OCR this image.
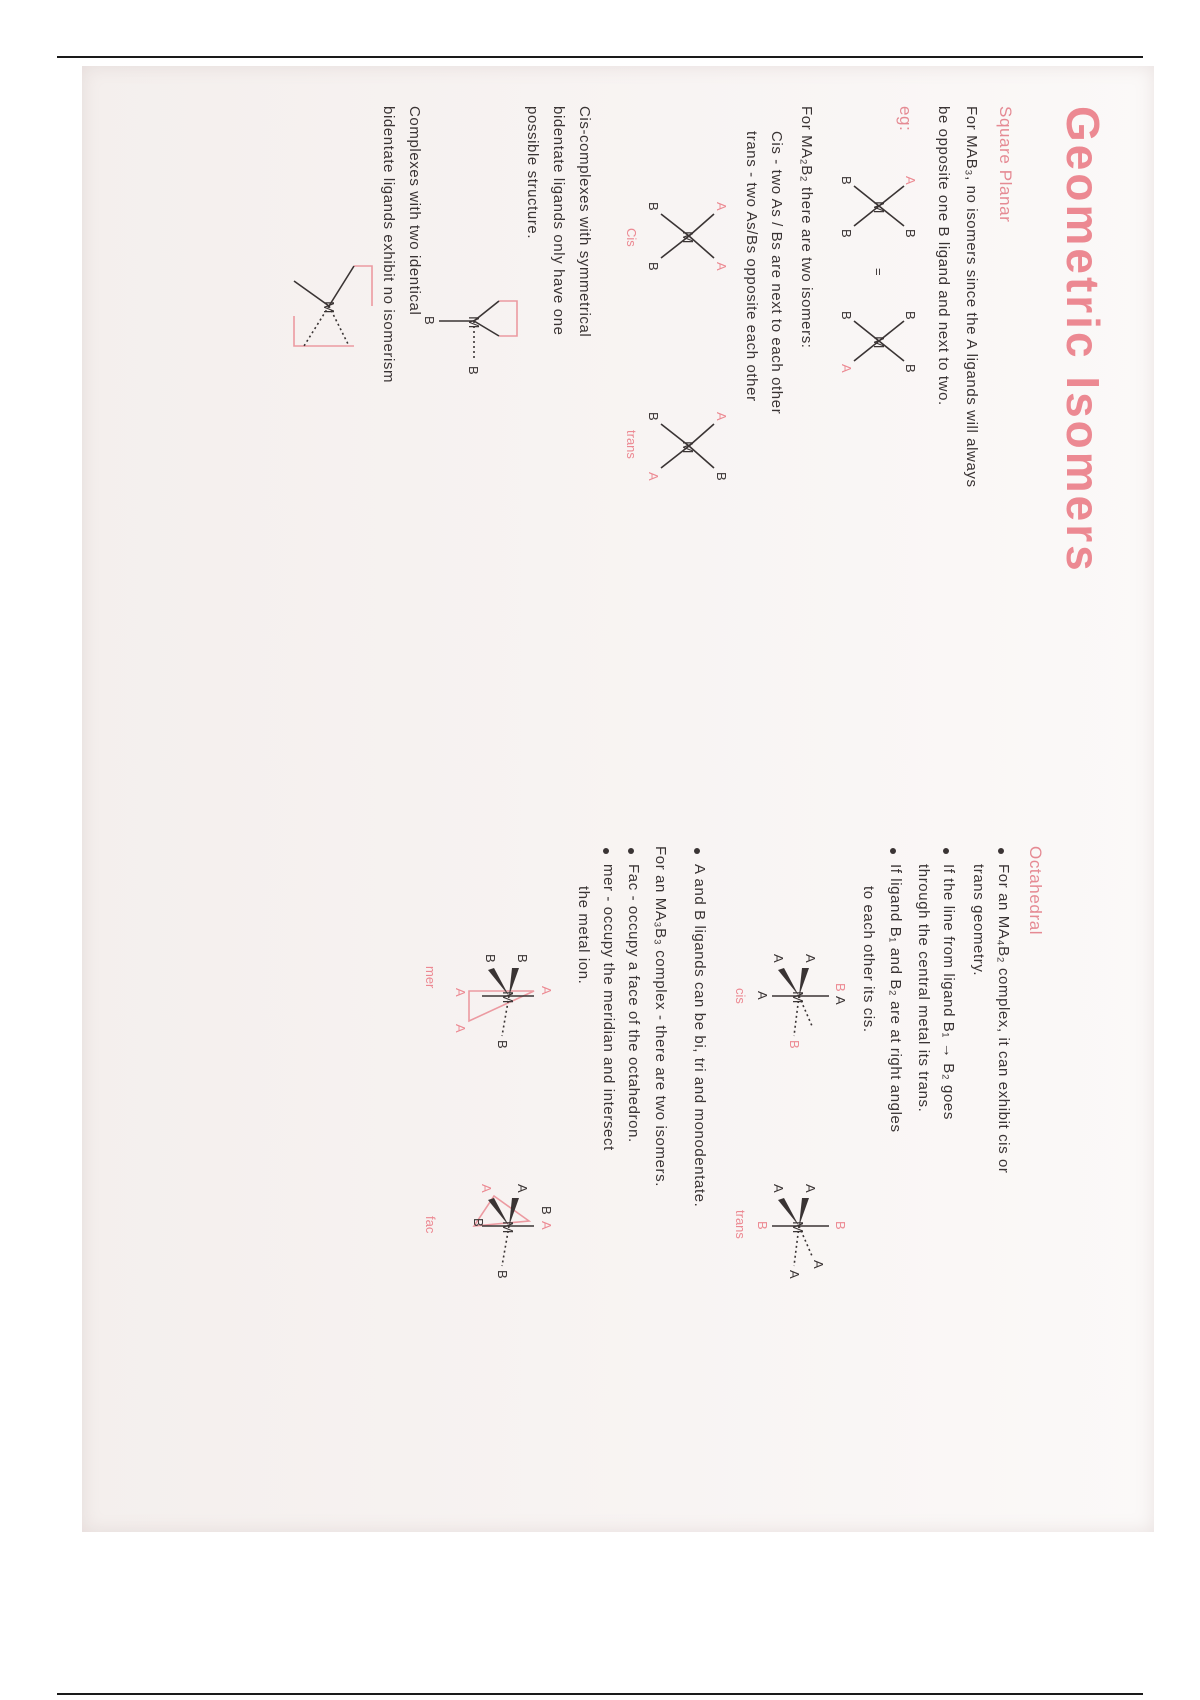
Geometric Isomers
Square Planar
For MAB₃, no isomers since the A ligands will always
be opposite one B ligand and next to two.
eg:
M
A
B
B
B
=
M
B
B
B
A
For MA₂B₂ there are two isomers:
Cis - two As / Bs are next to each other
trans - two As/Bs opposite each other
M
A
A
B
B
Cis
M
A
B
B
A
trans
Cis-complexes with symmetrical
bidentate ligands only have one
possible structure.
M
B
B
Complexes with two identical
bidentate ligands exhibit no isomerism
M
Octahedral
For an MA₄B₂ complex, it can exhibit cis or
trans geometry.
If the line from ligand B₁ → B₂ goes
through the central metal its trans.
If ligand B₁ and B₂ are at right angles
to each other its cis.
M
B
A
A
A
A
B
cis
M B
A
A
B
A
A
trans
A and B ligands can be bi, tri and monodentate.
For an MA₃B₃ complex - there are two isomers.
Fac - occupy a face of the octahedron.
mer - occupy the meridian and intersect
the metal ion.
M
A
B
B
A
A
B
mer
M
B
A
A
A
B
B
fac
